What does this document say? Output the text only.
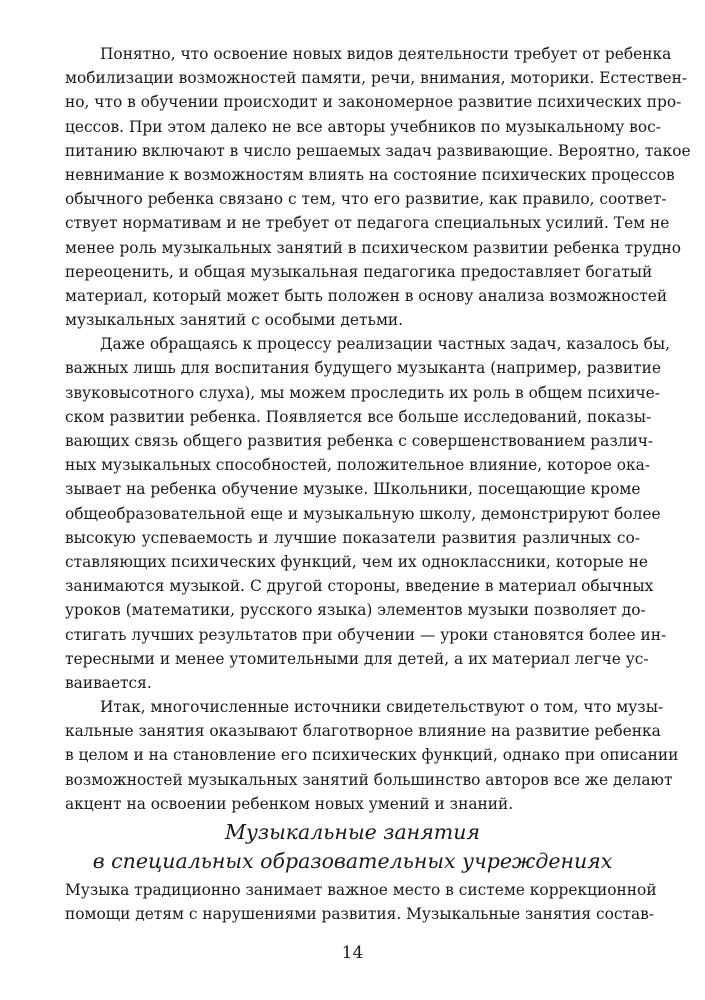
Понятно, что освоение новых видов деятельности требует от ребенка
мобилизации возможностей памяти, речи, внимания, моторики. Естествен-
но, что в обучении происходит и закономерное развитие психических про-
цессов. При этом далеко не все авторы учебников по музыкальному вос-
питанию включают в число решаемых задач развивающие. Вероятно, такое
невнимание к возможностям влиять на состояние психических процессов
обычного ребенка связано с тем, что его развитие, как правило, соответ-
ствует нормативам и не требует от педагога специальных усилий. Тем не
менее роль музыкальных занятий в психическом развитии ребенка трудно
переоценить, и общая музыкальная педагогика предоставляет богатый
материал, который может быть положен в основу анализа возможностей
музыкальных занятий с особыми детьми.
Даже обращаясь к процессу реализации частных задач, казалось бы,
важных лишь для воспитания будущего музыканта (например, развитие
звуковысотного слуха), мы можем проследить их роль в общем психиче-
ском развитии ребенка. Появляется все больше исследований, показы-
вающих связь общего развития ребенка с совершенствованием различ-
ных музыкальных способностей, положительное влияние, которое ока-
зывает на ребенка обучение музыке. Школьники, посещающие кроме
общеобразовательной еще и музыкальную школу, демонстрируют более
высокую успеваемость и лучшие показатели развития различных со-
ставляющих психических функций, чем их одноклассники, которые не
занимаются музыкой. С другой стороны, введение в материал обычных
уроков (математики, русского языка) элементов музыки позволяет до-
стигать лучших результатов при обучении — уроки становятся более ин-
тересными и менее утомительными для детей, а их материал легче ус-
ваивается.
Итак, многочисленные источники свидетельствуют о том, что музы-
кальные занятия оказывают благотворное влияние на развитие ребенка
в целом и на становление его психических функций, однако при описании
возможностей музыкальных занятий большинство авторов все же делают
акцент на освоении ребенком новых умений и знаний.
Музыкальные занятия
в специальных образовательных учреждениях
Музыка традиционно занимает важное место в системе коррекционной
помощи детям с нарушениями развития. Музыкальные занятия состав-
14
